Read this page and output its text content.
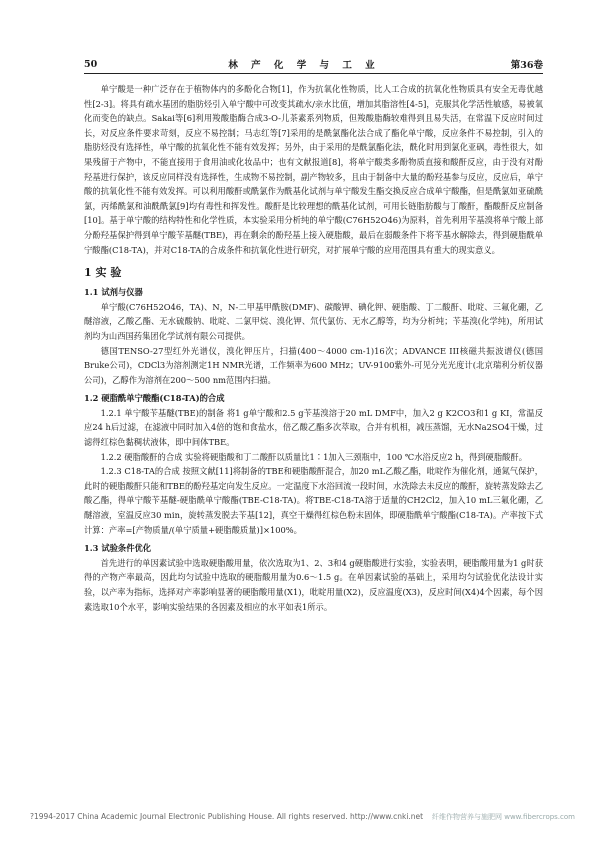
50	林 产 化 学 与 工 业	第36卷

单宁酸是一种广泛存在于植物体内的多酚化合物[1]，作为抗氧化性物质，比人工合成的抗氧化性物质具有安全无毒优越性[2-3]。将具有疏水基团的脂肪烃引入单宁酸中可改变其疏水/亲水比值，增加其脂溶性[4-5]，克服其化学活性敏感，易被氧化而变色的缺点。Sakai等[6]利用羧酸脂酶合成3-O-儿茶素系列物质，但羧酸脂酶较难得到且易失活，在常温下反应时间过长，对反应条件要求苛刻，反应不易控制；马志红等[7]采用的是酰氯酯化法合成了酯化单宁酸，反应条件不易控制，引入的脂肪烃没有选择性，单宁酸的抗氧化性不能有效发挥；另外，由于采用的是酰氯酯化法，酰化时用到氯化亚砜，毒性很大，如果残留于产物中，不能直接用于食用油或化妆品中；也有文献报道[8]，将单宁酸类多酚物质直接和酸酐反应，由于没有对酚羟基进行保护，该反应同样没有选择性，生成物不易控制，副产物较多，且由于制备中大量的酚羟基参与反应，反应后，单宁酸的抗氧化性不能有效发挥。可以利用酸酐或酰氯作为酰基化试剂与单宁酸发生酯交换反应合成单宁酸酯，但是酰氯如亚硫酰氯，丙烯酰氯和油酰酰氯[9]均有毒性和挥发性。酸酐是比较理想的酰基化试剂，可用长链脂肪酸与丁酸酐，酯酸酐反应制备[10]。基于单宁酸的结构特性和化学性质，本实验采用分析纯的单宁酸(C76H52O46)为原料，首先利用苄基溴将单宁酸上部分酚羟基保护得到单宁酸苄基醚(TBE)，再在剩余的酚羟基上接入硬脂酸，最后在弱酸条件下将苄基水解除去，得到硬脂酰单宁酸酯(C18-TA)，并对C18-TA的合成条件和抗氧化性进行研究，对扩展单宁酸的应用范围具有重大的现实意义。

1 实 验
1.1 试剂与仪器

单宁酸(C76H52O46，TA)、N，N-二甲基甲酰胺(DMF)、碳酸钾、碘化钾、硬脂酸、丁二酸酐、吡啶、三氟化硼，乙醚溶液，乙酸乙酯、无水硫酸钠、吡啶、二氯甲烷、溴化钾、氘代氯仿、无水乙醇等，均为分析纯；苄基溴(化学纯)，所用试剂均为山西国药集团化学试剂有限公司提供。

德国TENSO-27型红外光谱仪，溴化钾压片，扫描(400～4000 cm-1)16次；ADVANCE III核磁共振波谱仪(德国Bruke公司)，CDCl3为溶剂测定1H NMR光谱，工作频率为600 MHz；UV-9100紫外-可见分光光度计(北京瑞利分析仪器公司)，乙醇作为溶剂在200～500 nm范围内扫描。

1.2 硬脂酰单宁酸酯(C18-TA)的合成

1.2.1 单宁酸苄基醚(TBE)的制备 将1 g单宁酸和2.5 g苄基溴溶于20 mL DMF中，加入2 g K2CO3和1 g KI，常温反应24 h后过滤，在滤液中同时加入4倍的饱和食盐水，倍乙酸乙酯多次萃取，合并有机相，减压蒸馏，无水Na2SO4干燥，过滤得红棕色黏稠状液体，即中间体TBE。

1.2.2 硬脂酸酐的合成 实验将硬脂酸和丁二酸酐以质量比1∶1加入三颈瓶中，100 ℃水浴反应2 h，得到硬脂酸酐。

1.2.3 C18-TA的合成 按照文献[11]将制备的TBE和硬脂酸酐混合，加20 mL乙酸乙酯，吡啶作为催化剂，通氮气保护，此时的硬脂酸酐只能和TBE的酚羟基定向发生反应。一定温度下水浴回流一段时间，水洗除去未反应的酸酐，旋转蒸发除去乙酸乙酯，得单宁酸苄基醚-硬脂酰单宁酸酯(TBE-C18-TA)。将TBE-C18-TA溶于适量的CH2Cl2，加入10 mL三氟化硼，乙醚溶液，室温反应30 min，旋转蒸发脱去苄基[12]，真空干燥得红棕色粉末固体，即硬脂酰单宁酸酯(C18-TA)。产率按下式计算：产率=[产物质量/(单宁质量+硬脂酸质量)]×100%。

1.3 试验条件优化

首先进行的单因素试验中选取硬脂酸用量，依次选取为1、2、3和4 g硬脂酸进行实验，实验表明，硬脂酸用量为1 g时获得的产物产率最高，因此均匀试验中选取的硬脂酸用量为0.6～1.5 g。在单因素试验的基础上，采用均匀试验优化法设计实验，以产率为指标，选择对产率影响显著的硬脂酸用量(X1)，吡啶用量(X2)，反应温度(X3)，反应时间(X4)4个因素，每个因素选取10个水平，影响实验结果的各因素及相应的水平如表1所示。

?1994-2017 China Academic Journal Electronic Publishing House. All rights reserved. http://www.cnki.net 纤维作物营养与施肥网 www.fibercrops.com
